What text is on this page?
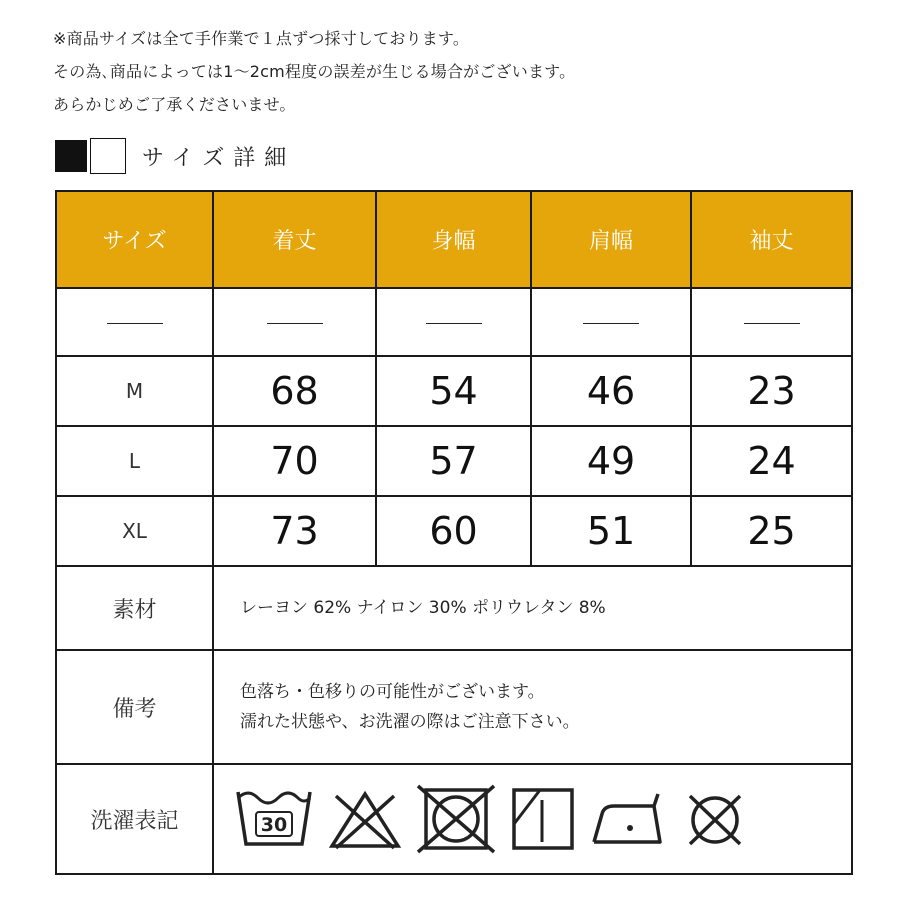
※商品サイズは全て手作業で１点ずつ採寸しております。
その為､商品によっては1〜2cm程度の誤差が生じる場合がございます。
あらかじめご了承くださいませ。
サイズ詳細
サイズ	着丈	身幅	肩幅	袖丈

M	68	54	46	23
L	70	57	49	24
XL	73	60	51	25
素材	レーヨン 62% ナイロン 30% ポリウレタン 8%			
備考	色落ち・色移りの可能性がございます。
濡れた状態や、お洗濯の際はご注意下さい。			

洗濯表記	30			
